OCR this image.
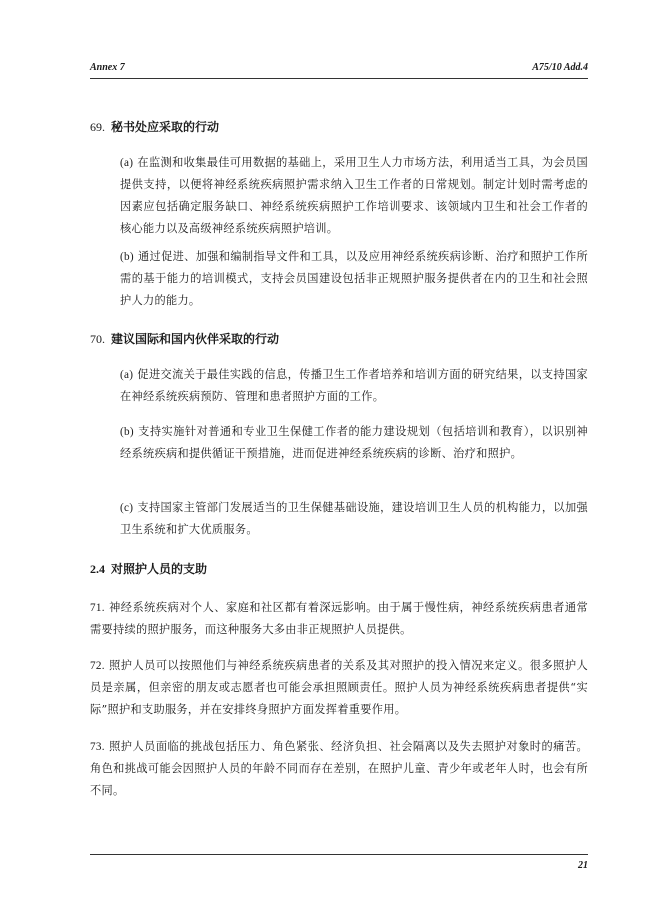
Annex 7	A75/10 Add.4
69. 秘书处应采取的行动
(a) 在监测和收集最佳可用数据的基础上，采用卫生人力市场方法，利用适当工具，为会员国提供支持，以便将神经系统疾病照护需求纳入卫生工作者的日常规划。制定计划时需考虑的因素应包括确定服务缺口、神经系统疾病照护工作培训要求、该领域内卫生和社会工作者的核心能力以及高级神经系统疾病照护培训。
(b) 通过促进、加强和编制指导文件和工具，以及应用神经系统疾病诊断、治疗和照护工作所需的基于能力的培训模式，支持会员国建设包括非正规照护服务提供者在内的卫生和社会照护人力的能力。
70. 建议国际和国内伙伴采取的行动
(a) 促进交流关于最佳实践的信息，传播卫生工作者培养和培训方面的研究结果，以支持国家在神经系统疾病预防、管理和患者照护方面的工作。
(b) 支持实施针对普通和专业卫生保健工作者的能力建设规划（包括培训和教育），以识别神经系统疾病和提供循证干预措施，进而促进神经系统疾病的诊断、治疗和照护。
(c) 支持国家主管部门发展适当的卫生保健基础设施，建设培训卫生人员的机构能力，以加强卫生系统和扩大优质服务。
2.4 对照护人员的支助
71. 神经系统疾病对个人、家庭和社区都有着深远影响。由于属于慢性病，神经系统疾病患者通常需要持续的照护服务，而这种服务大多由非正规照护人员提供。
72. 照护人员可以按照他们与神经系统疾病患者的关系及其对照护的投入情况来定义。很多照护人员是亲属，但亲密的朋友或志愿者也可能会承担照顾责任。照护人员为神经系统疾病患者提供“实际”照护和支助服务，并在安排终身照护方面发挥着重要作用。
73. 照护人员面临的挑战包括压力、角色紧张、经济负担、社会隔离以及失去照护对象时的痛苦。角色和挑战可能会因照护人员的年龄不同而存在差别，在照护儿童、青少年或老年人时，也会有所不同。
21
